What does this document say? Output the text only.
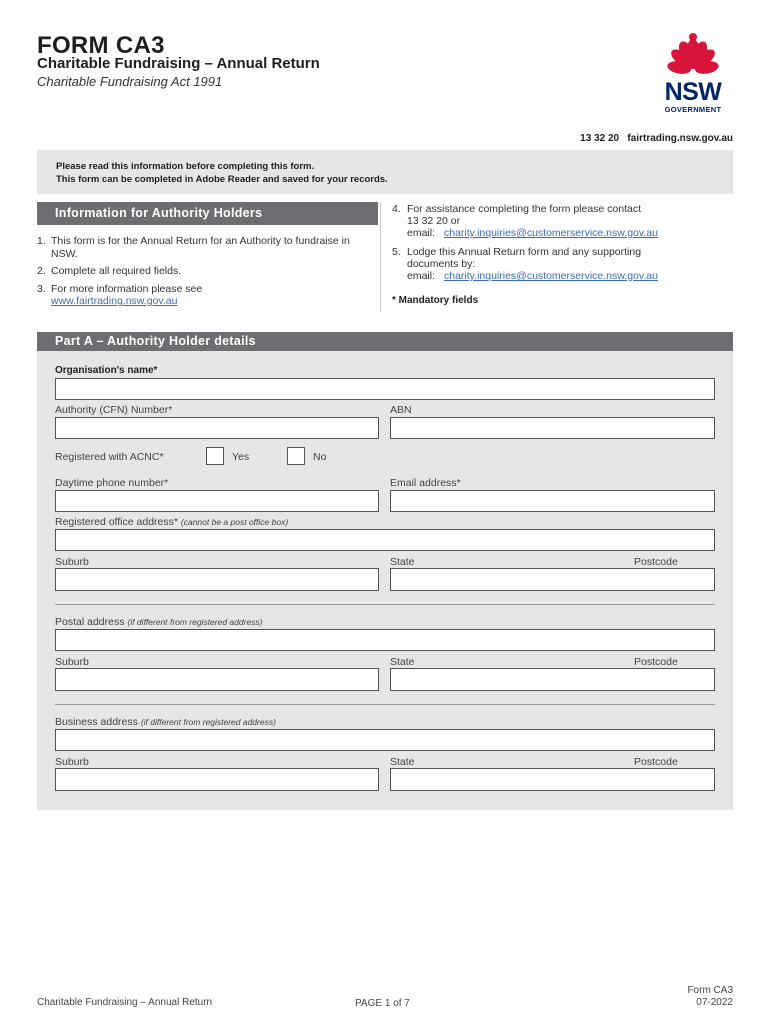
FORM CA3
Charitable Fundraising – Annual Return
Charitable Fundraising Act 1991	NSW
GOVERNMENT
13 32 20   fairtrading.nsw.gov.au
Please read this information before completing this form.
This form can be completed in Adobe Reader and saved for your records.
Information for Authority Holders
1. This form is for the Annual Return for an Authority to fundraise in NSW.
2. Complete all required fields.
3. For more information please see
www.fairtrading.nsw.gov.au
4. For assistance completing the form please contact
13 32 20 or
email: charity.inquiries@customerservice.nsw.gov.au
5. Lodge this Annual Return form and any supporting
documents by:
email: charity.inquiries@customerservice.nsw.gov.au
* Mandatory fields
Part A – Authority Holder details
Organisation's name*
Authority (CFN) Number*	ABN
Registered with ACNC*	Yes	No
Daytime phone number*	Email address*
Registered office address* (cannot be a post office box)
Suburb	State	Postcode
Postal address (if different from registered address)
Suburb	State	Postcode
Business address (if different from registered address)
Suburb	State	Postcode
Charitable Fundraising – Annual Return	PAGE 1 of 7
Form CA3
07-2022
